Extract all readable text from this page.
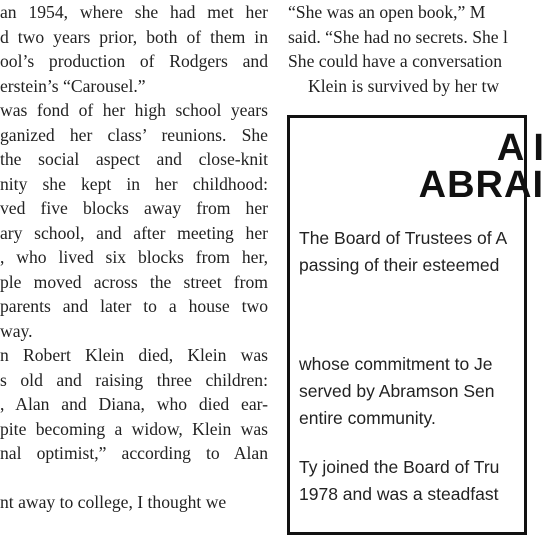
an 1954, where she had met her
d two years prior, both of them in
ool’s production of Rodgers and
erstein’s “Carousel.”
was fond of her high school years
ganized her class’ reunions. She
the social aspect and close-knit
nity she kept in her childhood:
ved five blocks away from her
ary school, and after meeting her
, who lived six blocks from her,
ple moved across the street from
parents and later to a house two
way.
n Robert Klein died, Klein was
s old and raising three children:
, Alan and Diana, who died ear-
pite becoming a widow, Klein was
nal optimist,” according to Alan

nt away to college, I thought we
“She was an open book,” M
said. “She had no secrets. She l
She could have a conversation
Klein is survived by her tw
A I
ABRAI
The Board of Trustees of A
passing of their esteemed
whose commitment to Je
served by Abramson Sen
entire community.
Ty joined the Board of Tru
1978 and was a steadfast
